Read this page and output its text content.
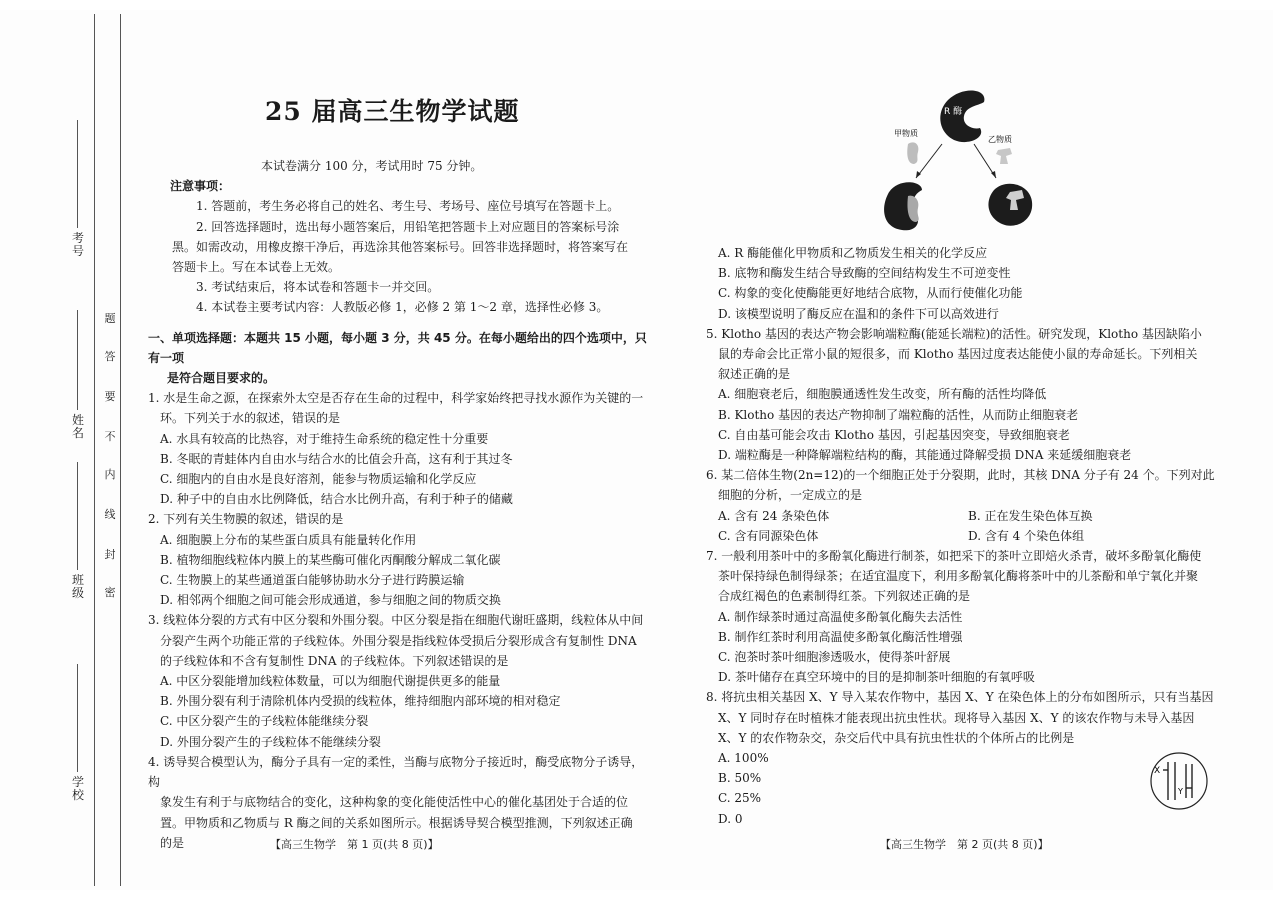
考号
姓名
班级
学校
题
答
要
不
内
线
封
密
25 届高三生物学试题

本试卷满分 100 分，考试用时 75 分钟。

注意事项：

1. 答题前，考生务必将自己的姓名、考生号、考场号、座位号填写在答题卡上。

2. 回答选择题时，选出每小题答案后，用铅笔把答题卡上对应题目的答案标号涂

黑。如需改动，用橡皮擦干净后，再选涂其他答案标号。回答非选择题时，将答案写在

答题卡上。写在本试卷上无效。

3. 考试结束后，将本试卷和答题卡一并交回。

4. 本试卷主要考试内容：人教版必修 1，必修 2 第 1～2 章，选择性必修 3。

一、单项选择题：本题共 15 小题，每小题 3 分，共 45 分。在每小题给出的四个选项中，只有一项

是符合题目要求的。

1. 水是生命之源，在探索外太空是否存在生命的过程中，科学家始终把寻找水源作为关键的一

环。下列关于水的叙述，错误的是

A. 水具有较高的比热容，对于维持生命系统的稳定性十分重要

B. 冬眠的青蛙体内自由水与结合水的比值会升高，这有利于其过冬

C. 细胞内的自由水是良好溶剂，能参与物质运输和化学反应

D. 种子中的自由水比例降低，结合水比例升高，有利于种子的储藏

2. 下列有关生物膜的叙述，错误的是

A. 细胞膜上分布的某些蛋白质具有能量转化作用

B. 植物细胞线粒体内膜上的某些酶可催化丙酮酸分解成二氧化碳

C. 生物膜上的某些通道蛋白能够协助水分子进行跨膜运输

D. 相邻两个细胞之间可能会形成通道，参与细胞之间的物质交换

3. 线粒体分裂的方式有中区分裂和外围分裂。中区分裂是指在细胞代谢旺盛期，线粒体从中间

分裂产生两个功能正常的子线粒体。外围分裂是指线粒体受损后分裂形成含有复制性 DNA

的子线粒体和不含有复制性 DNA 的子线粒体。下列叙述错误的是

A. 中区分裂能增加线粒体数量，可以为细胞代谢提供更多的能量

B. 外围分裂有利于清除机体内受损的线粒体，维持细胞内部环境的相对稳定

C. 中区分裂产生的子线粒体能继续分裂

D. 外围分裂产生的子线粒体不能继续分裂

4. 诱导契合模型认为，酶分子具有一定的柔性，当酶与底物分子接近时，酶受底物分子诱导，构

象发生有利于与底物结合的变化，这种构象的变化能使活性中心的催化基团处于合适的位

置。甲物质和乙物质与 R 酶之间的关系如图所示。根据诱导契合模型推测，下列叙述正确

的是	【高三生物学　第 1 页(共 8 页)】
R 酶
甲物质
乙物质

A. R 酶能催化甲物质和乙物质发生相关的化学反应

B. 底物和酶发生结合导致酶的空间结构发生不可逆变性

C. 构象的变化使酶能更好地结合底物，从而行使催化功能

D. 该模型说明了酶反应在温和的条件下可以高效进行

5. Klotho 基因的表达产物会影响端粒酶(能延长端粒)的活性。研究发现，Klotho 基因缺陷小

鼠的寿命会比正常小鼠的短很多，而 Klotho 基因过度表达能使小鼠的寿命延长。下列相关

叙述正确的是

A. 细胞衰老后，细胞膜通透性发生改变，所有酶的活性均降低

B. Klotho 基因的表达产物抑制了端粒酶的活性，从而防止细胞衰老

C. 自由基可能会攻击 Klotho 基因，引起基因突变，导致细胞衰老

D. 端粒酶是一种降解端粒结构的酶，其能通过降解受损 DNA 来延缓细胞衰老

6. 某二倍体生物(2n=12)的一个细胞正处于分裂期，此时，其核 DNA 分子有 24 个。下列对此

细胞的分析，一定成立的是

A. 含有 24 条染色体	B. 正在发生染色体互换

C. 含有同源染色体	D. 含有 4 个染色体组

7. 一般利用茶叶中的多酚氧化酶进行制茶，如把采下的茶叶立即焙火杀青，破坏多酚氧化酶使

茶叶保持绿色制得绿茶；在适宜温度下，利用多酚氧化酶将茶叶中的儿茶酚和单宁氧化并聚

合成红褐色的色素制得红茶。下列叙述正确的是

A. 制作绿茶时通过高温使多酚氧化酶失去活性

B. 制作红茶时利用高温使多酚氧化酶活性增强

C. 泡茶时茶叶细胞渗透吸水，使得茶叶舒展

D. 茶叶储存在真空环境中的目的是抑制茶叶细胞的有氧呼吸

8. 将抗虫相关基因 X、Y 导入某农作物中，基因 X、Y 在染色体上的分布如图所示，只有当基因

X、Y 同时存在时植株才能表现出抗虫性状。现将导入基因 X、Y 的该农作物与未导入基因

X、Y 的农作物杂交，杂交后代中具有抗虫性状的个体所占的比例是

A. 100%

B. 50%

C. 25%

D. 0

X
Y
【高三生物学　第 2 页(共 8 页)】
